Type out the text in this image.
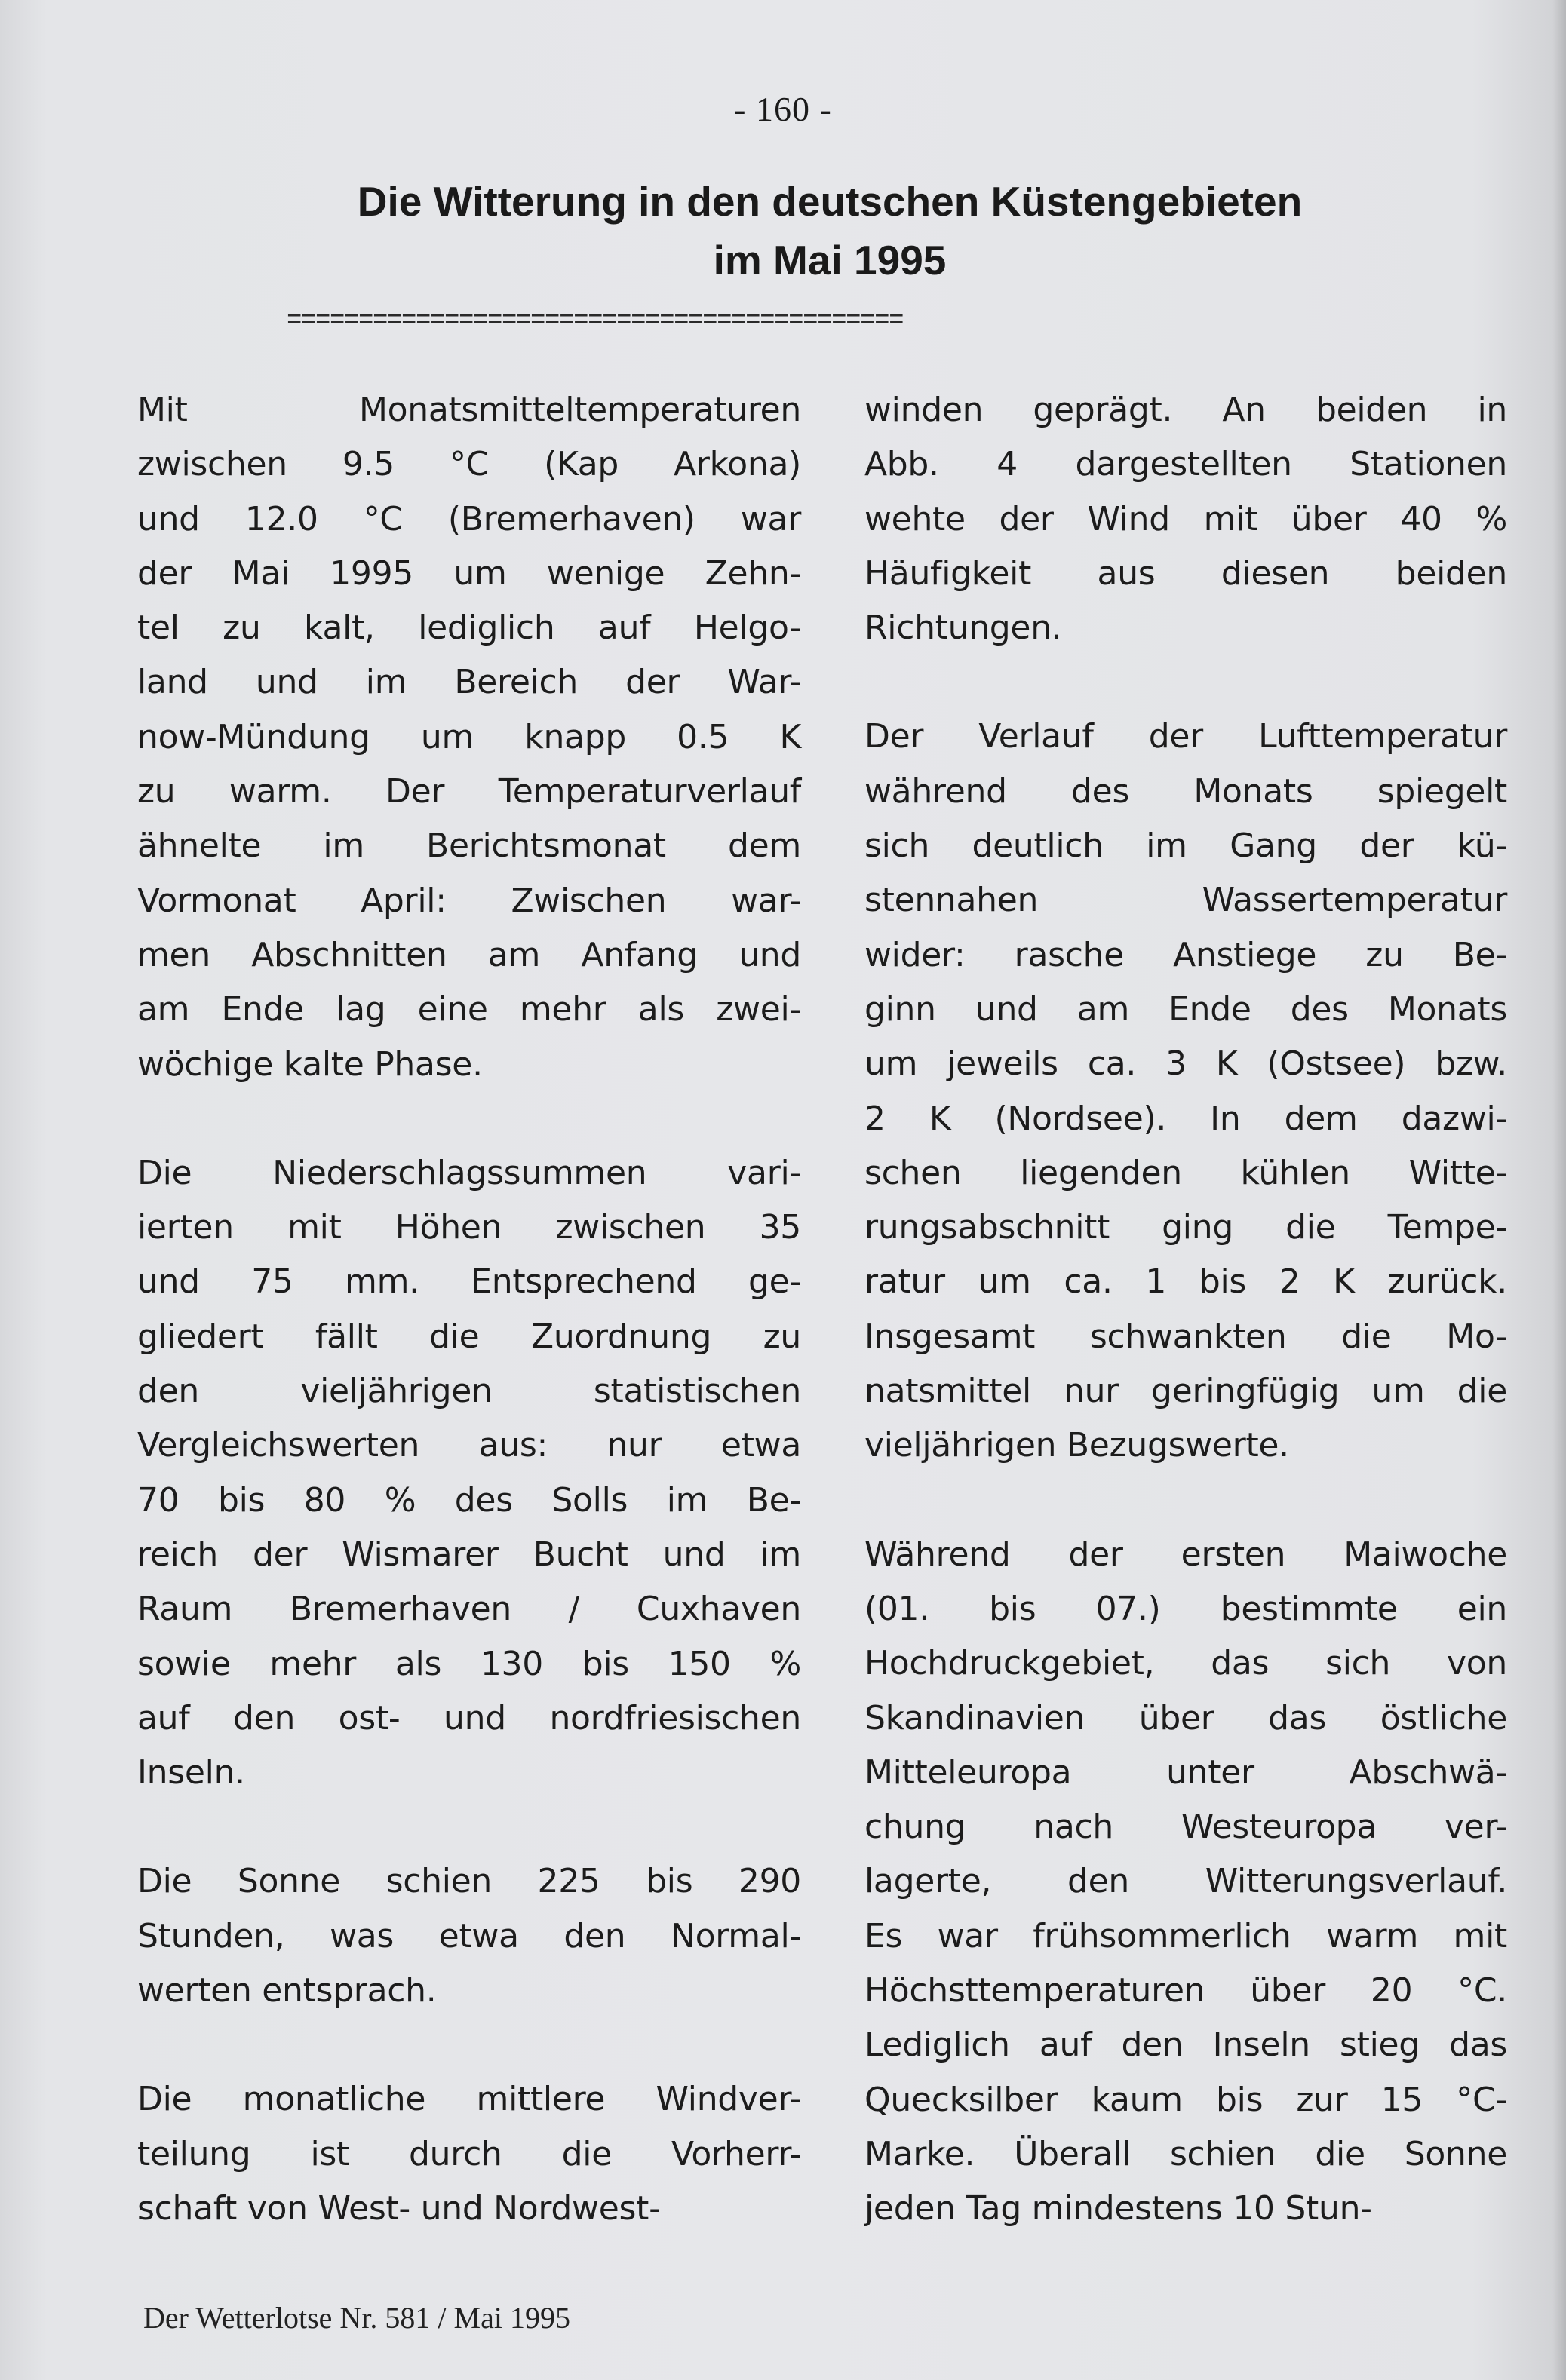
- 160 -
Die Witterung in den deutschen Küstengebieten
im Mai 1995
===========================================

Mit Monatsmitteltemperaturen
zwischen 9.5 °C (Kap Arkona)
und 12.0 °C (Bremerhaven) war
der Mai 1995 um wenige Zehn-
tel zu kalt, lediglich auf Helgo-
land und im Bereich der War-
now-Mündung um knapp 0.5 K
zu warm. Der Temperaturverlauf
ähnelte im Berichtsmonat dem
Vormonat April: Zwischen war-
men Abschnitten am Anfang und
am Ende lag eine mehr als zwei-
wöchige kalte Phase.

Die Niederschlagssummen vari-
ierten mit Höhen zwischen 35
und 75 mm. Entsprechend ge-
gliedert fällt die Zuordnung zu
den vieljährigen statistischen
Vergleichswerten aus: nur etwa
70 bis 80 % des Solls im Be-
reich der Wismarer Bucht und im
Raum Bremerhaven / Cuxhaven
sowie mehr als 130 bis 150 %
auf den ost- und nordfriesischen
Inseln.

Die Sonne schien 225 bis 290
Stunden, was etwa den Normal-
werten entsprach.

Die monatliche mittlere Windver-
teilung ist durch die Vorherr-
schaft von West- und Nordwest-

winden geprägt. An beiden in
Abb. 4 dargestellten Stationen
wehte der Wind mit über 40 %
Häufigkeit aus diesen beiden
Richtungen.

Der Verlauf der Lufttemperatur
während des Monats spiegelt
sich deutlich im Gang der kü-
stennahen Wassertemperatur
wider: rasche Anstiege zu Be-
ginn und am Ende des Monats
um jeweils ca. 3 K (Ostsee) bzw.
2 K (Nordsee). In dem dazwi-
schen liegenden kühlen Witte-
rungsabschnitt ging die Tempe-
ratur um ca. 1 bis 2 K zurück.
Insgesamt schwankten die Mo-
natsmittel nur geringfügig um die
vieljährigen Bezugswerte.

Während der ersten Maiwoche
(01. bis 07.) bestimmte ein
Hochdruckgebiet, das sich von
Skandinavien über das östliche
Mitteleuropa unter Abschwä-
chung nach Westeuropa ver-
lagerte, den Witterungsverlauf.
Es war frühsommerlich warm mit
Höchsttemperaturen über 20 °C.
Lediglich auf den Inseln stieg das
Quecksilber kaum bis zur 15 °C-
Marke. Überall schien die Sonne
jeden Tag mindestens 10 Stun-

Der Wetterlotse Nr. 581 / Mai 1995
